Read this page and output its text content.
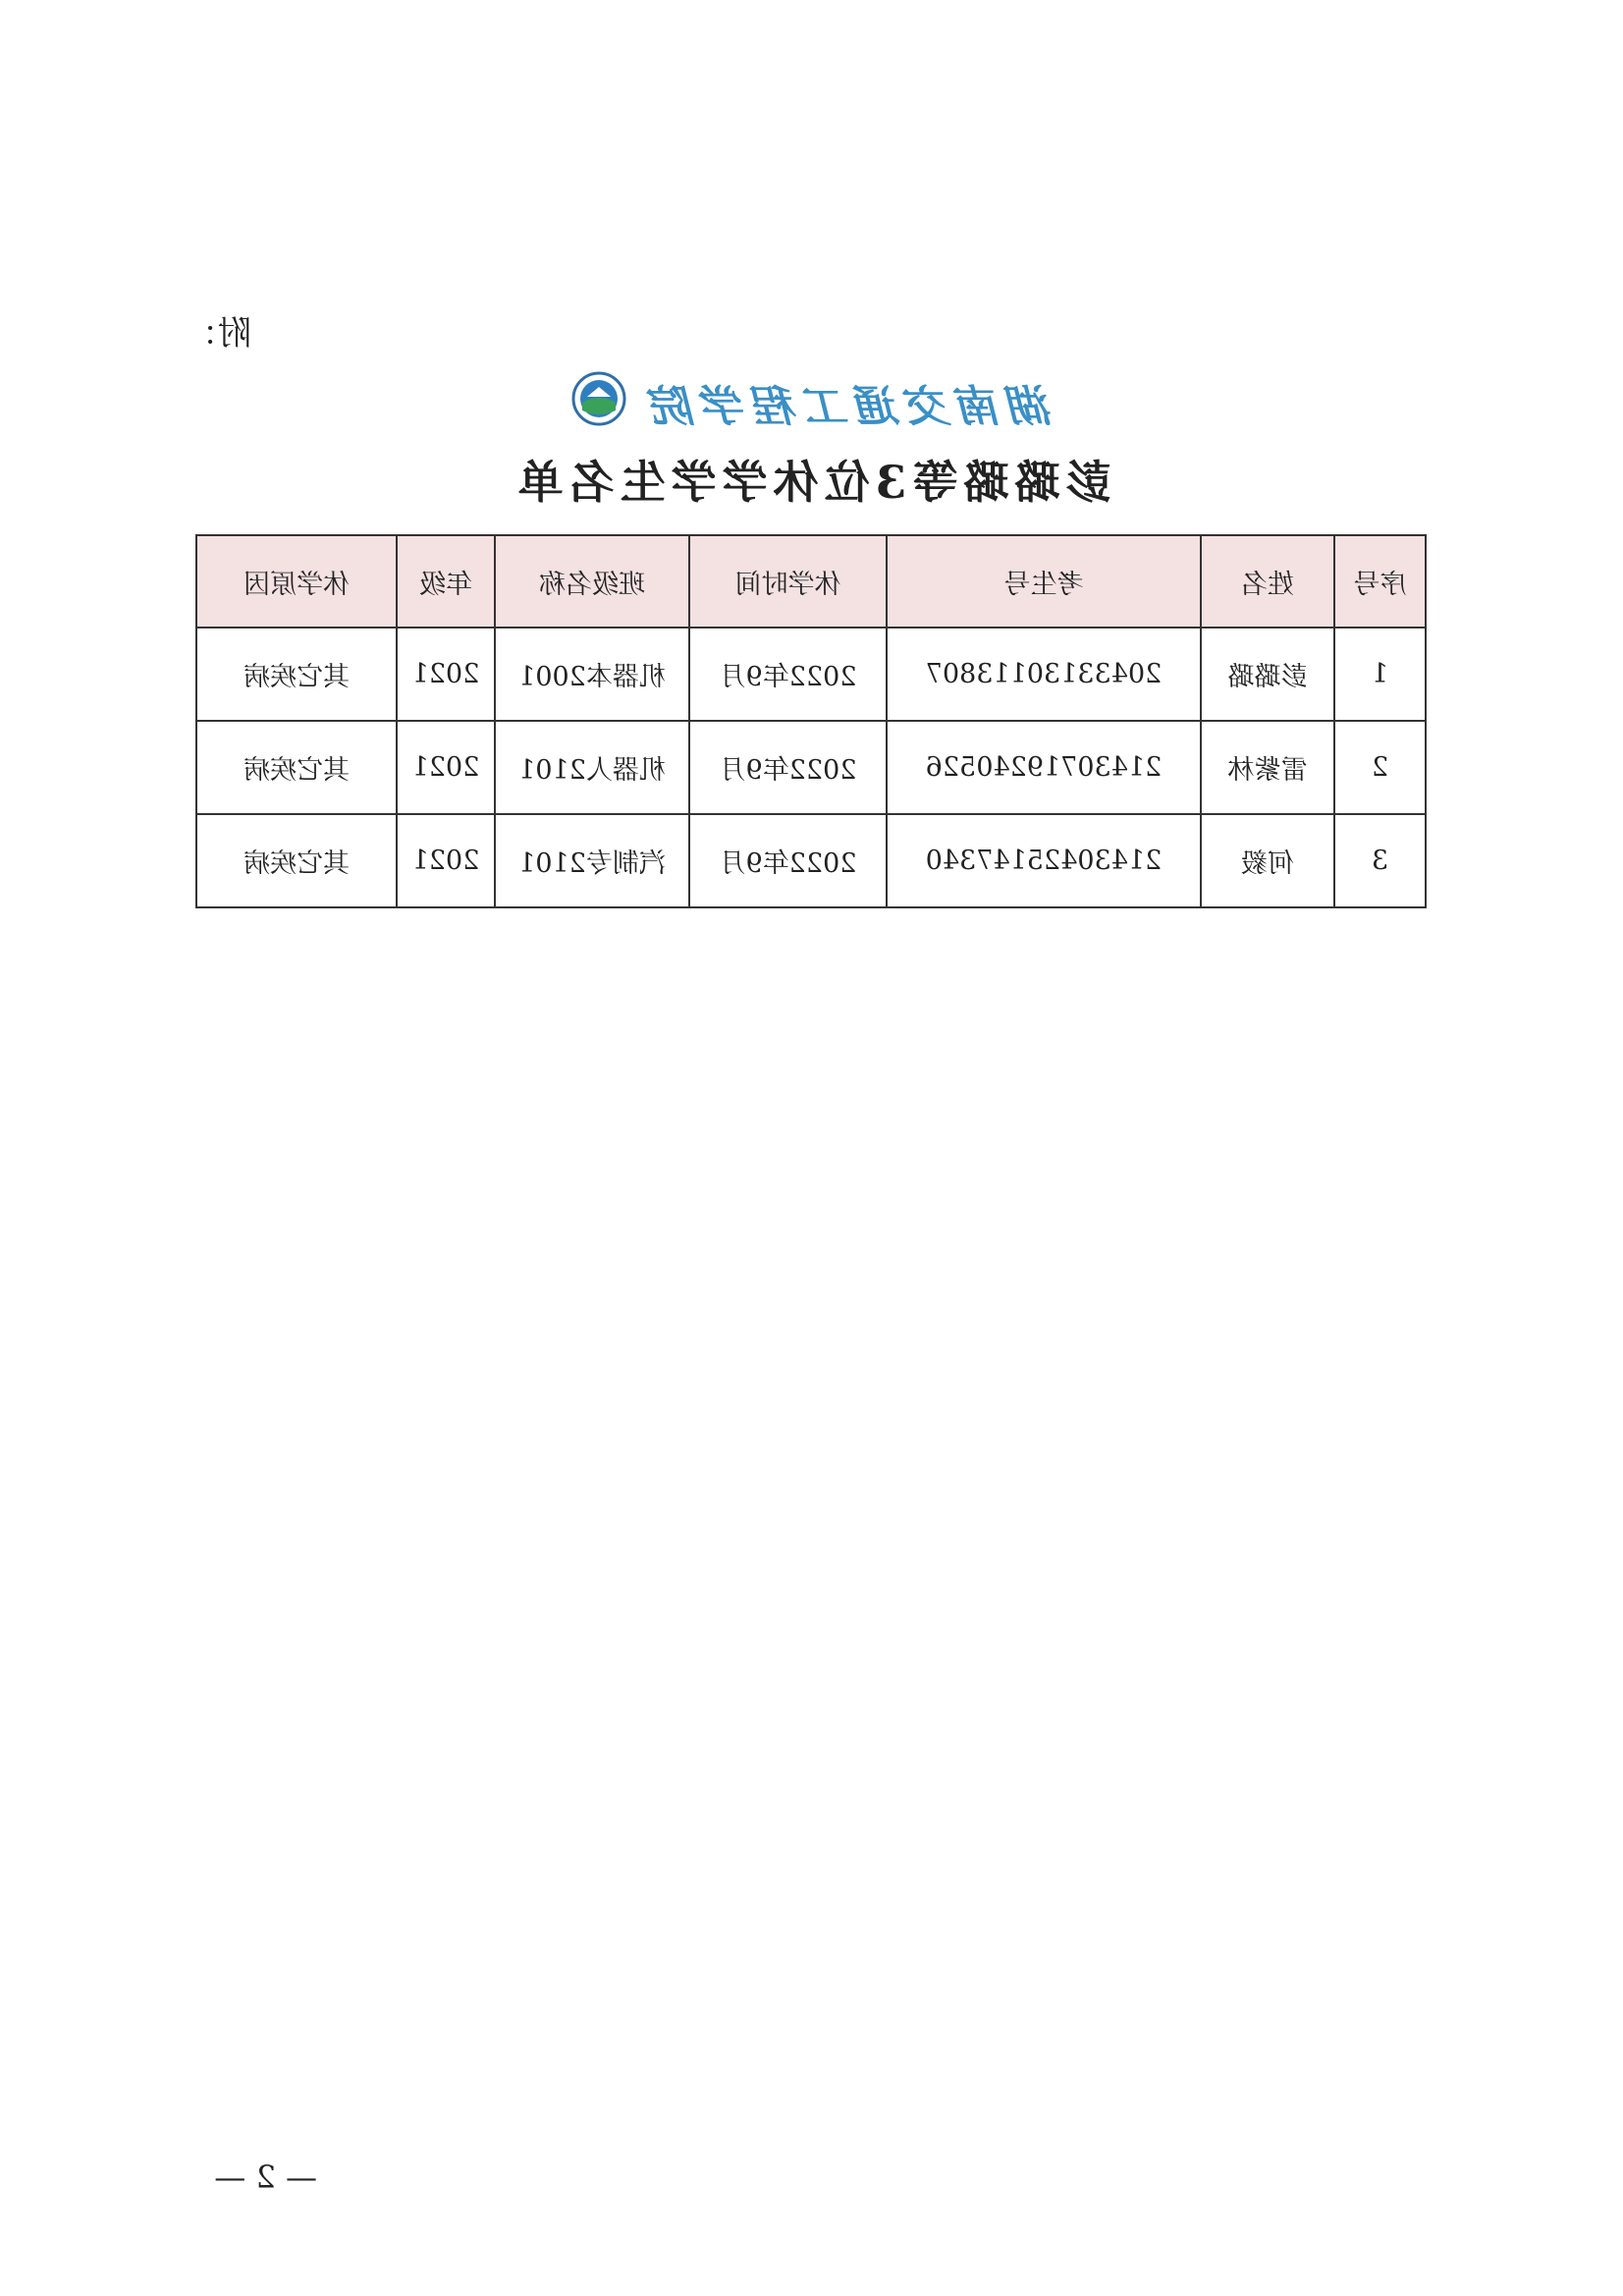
附：
湖南交通工程学院
彭璐璐等3位休学学生名单
序号	姓名	考生号	休学时间	班级名称	年级	休学原因
1	彭璐璐	20433130113807	2022年9月	机器本2001	2021	其它疾病
2	雷紫林	21430719240526	2022年9月	机器人2101	2021	其它疾病
3	何毅	21430425147340	2022年9月	汽制专2101	2021	其它疾病
— 2 —
